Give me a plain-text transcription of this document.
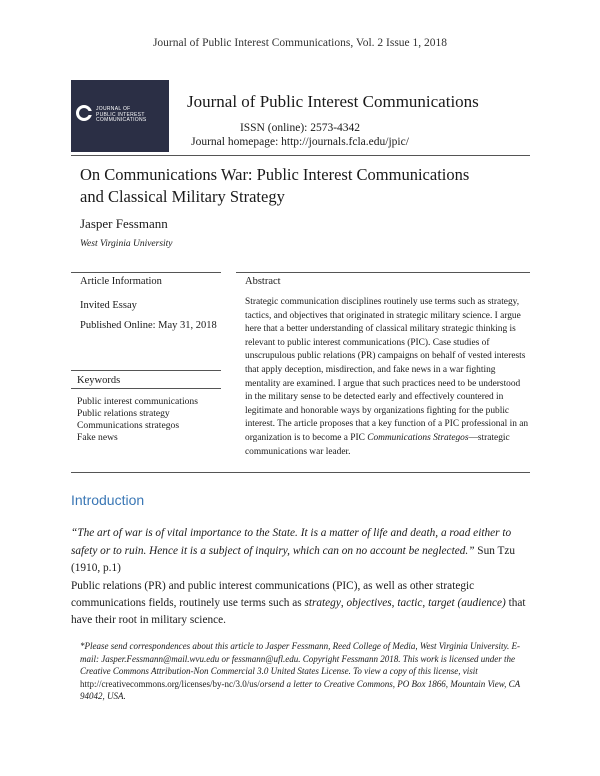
Journal of Public Interest Communications, Vol. 2 Issue 1, 2018
JOURNAL OF
PUBLIC INTEREST
COMMUNICATIONS
Journal of Public Interest Communications
ISSN (online): 2573-4342
Journal homepage: http://journals.fcla.edu/jpic/
On Communications War: Public Interest Communications
and Classical Military Strategy
Jasper Fessmann
West Virginia University
Article Information	Abstract
Invited Essay
Published Online: May 31, 2018
Keywords
Public interest communications
Public relations strategy
Communications strategos
Fake news
Strategic communication disciplines routinely use terms such as strategy, tactics, and objectives that originated in strategic military science. I argue here that a better understanding of classical military strategic thinking is relevant to public interest communications (PIC). Case studies of unscrupulous public relations (PR) campaigns on behalf of vested interests that apply deception, misdirection, and fake news in a war fighting mentality are examined. I argue that such practices need to be understood in the military sense to be detected early and effectively countered in legitimate and honorable ways by organizations fighting for the public interest. The article proposes that a key function of a PIC professional in an organization is to become a PIC Communications Strategos—strategic communications war leader.
Introduction
“The art of war is of vital importance to the State. It is a matter of life and death, a road either to safety or to ruin. Hence it is a subject of inquiry, which can on no account be neglected.” Sun Tzu (1910, p.1)
Public relations (PR) and public interest communications (PIC), as well as other strategic communications fields, routinely use terms such as strategy, objectives, tactic, target (audience) that have their root in military science.
*Please send correspondences about this article to Jasper Fessmann, Reed College of Media, West Virginia University. E-mail: Jasper.Fessmann@mail.wvu.edu or fessmann@ufl.edu. Copyright Fessmann 2018. This work is licensed under the Creative Commons Attribution-Non Commercial 3.0 United States License. To view a copy of this license, visit http://creativecommons.org/licenses/by-nc/3.0/us/orsend a letter to Creative Commons, PO Box 1866, Mountain View, CA 94042, USA.
